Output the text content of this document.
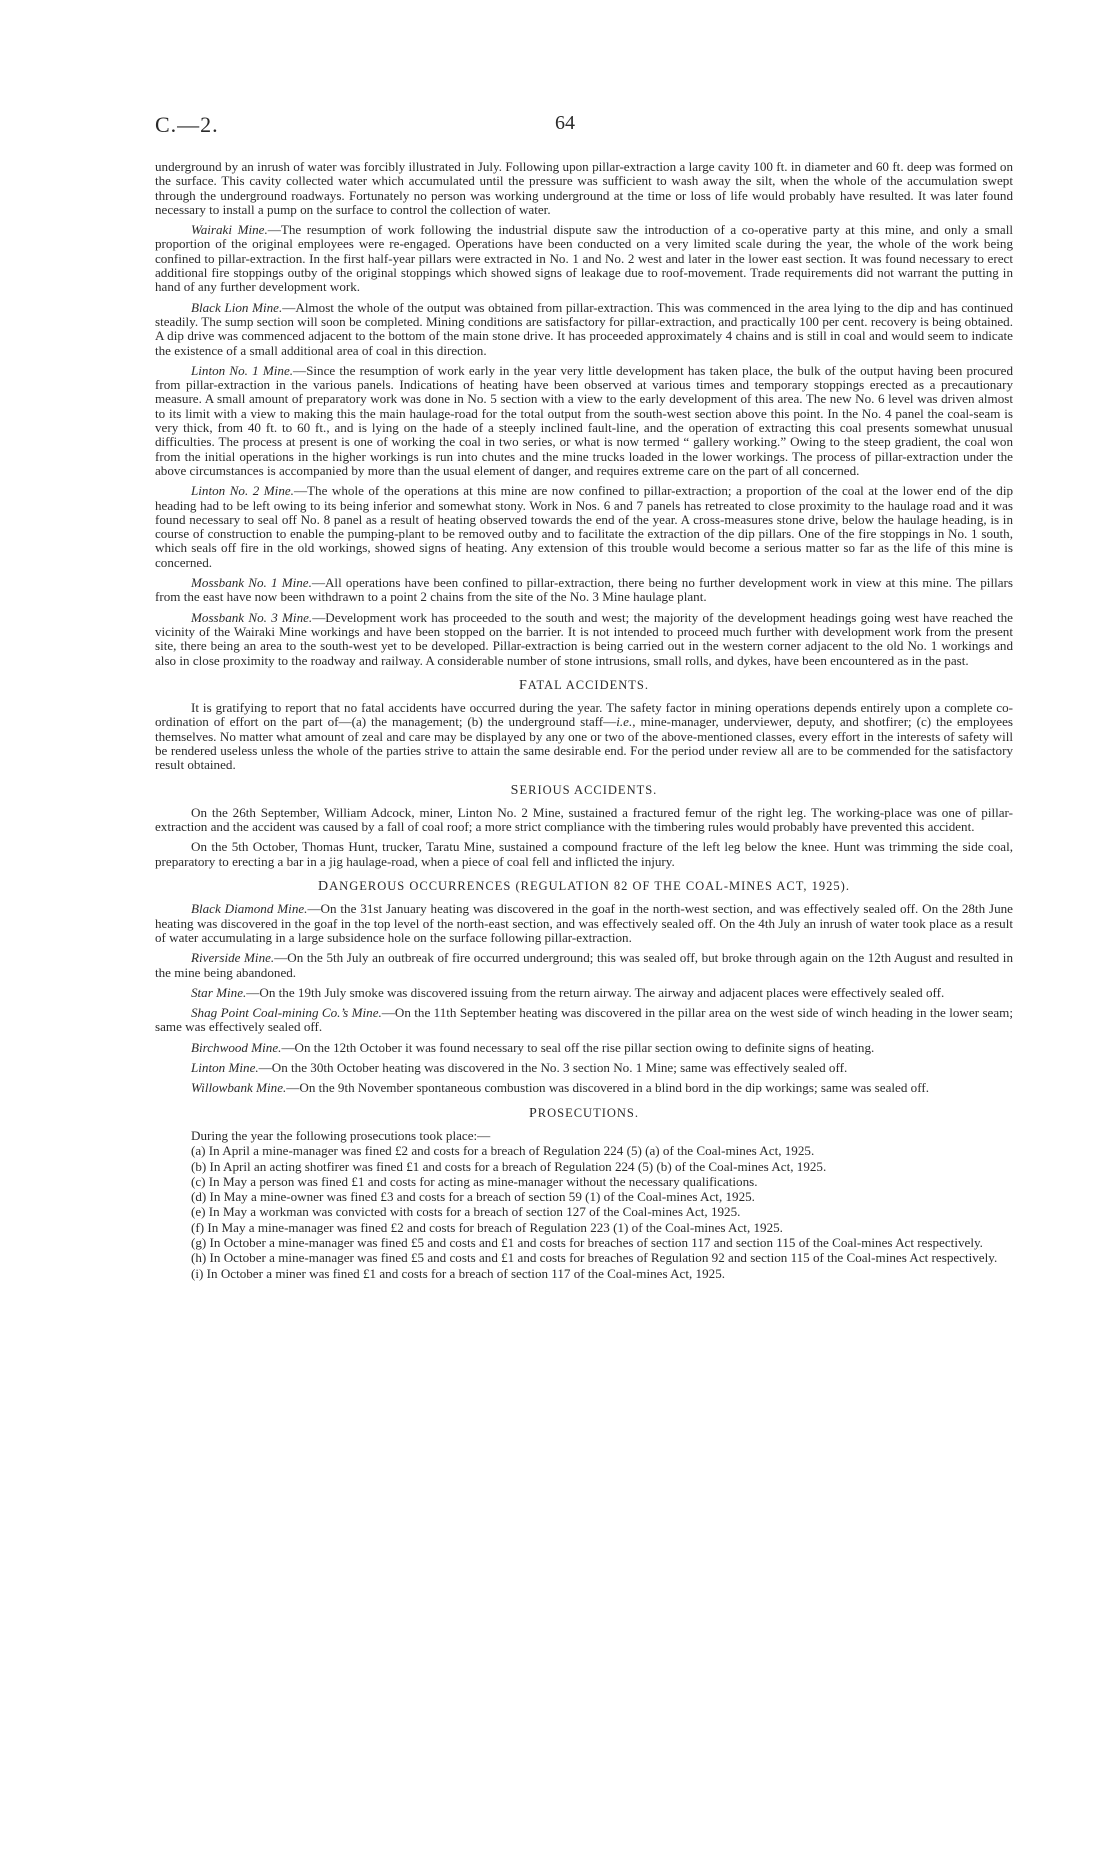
C.—2.	64

underground by an inrush of water was forcibly illustrated in July. Following upon pillar-extraction a large cavity 100 ft. in diameter and 60 ft. deep was formed on the surface. This cavity collected water which accumulated until the pressure was sufficient to wash away the silt, when the whole of the accumulation swept through the underground roadways. Fortunately no person was working underground at the time or loss of life would probably have resulted. It was later found necessary to install a pump on the surface to control the collection of water.

Wairaki Mine.—The resumption of work following the industrial dispute saw the introduction of a co-operative party at this mine, and only a small proportion of the original employees were re-engaged. Operations have been conducted on a very limited scale during the year, the whole of the work being confined to pillar-extraction. In the first half-year pillars were extracted in No. 1 and No. 2 west and later in the lower east section. It was found necessary to erect additional fire stoppings outby of the original stoppings which showed signs of leakage due to roof-movement. Trade requirements did not warrant the putting in hand of any further development work.

Black Lion Mine.—Almost the whole of the output was obtained from pillar-extraction. This was commenced in the area lying to the dip and has continued steadily. The sump section will soon be completed. Mining conditions are satisfactory for pillar-extraction, and practically 100 per cent. recovery is being obtained. A dip drive was commenced adjacent to the bottom of the main stone drive. It has proceeded approximately 4 chains and is still in coal and would seem to indicate the existence of a small additional area of coal in this direction.

Linton No. 1 Mine.—Since the resumption of work early in the year very little development has taken place, the bulk of the output having been procured from pillar-extraction in the various panels. Indications of heating have been observed at various times and temporary stoppings erected as a precautionary measure. A small amount of preparatory work was done in No. 5 section with a view to the early development of this area. The new No. 6 level was driven almost to its limit with a view to making this the main haulage-road for the total output from the south-west section above this point. In the No. 4 panel the coal-seam is very thick, from 40 ft. to 60 ft., and is lying on the hade of a steeply inclined fault-line, and the operation of extracting this coal presents somewhat unusual difficulties. The process at present is one of working the coal in two series, or what is now termed “ gallery working.” Owing to the steep gradient, the coal won from the initial operations in the higher workings is run into chutes and the mine trucks loaded in the lower workings. The process of pillar-extraction under the above circumstances is accompanied by more than the usual element of danger, and requires extreme care on the part of all concerned.

Linton No. 2 Mine.—The whole of the operations at this mine are now confined to pillar-extraction; a proportion of the coal at the lower end of the dip heading had to be left owing to its being inferior and somewhat stony. Work in Nos. 6 and 7 panels has retreated to close proximity to the haulage road and it was found necessary to seal off No. 8 panel as a result of heating observed towards the end of the year. A cross-measures stone drive, below the haulage heading, is in course of construction to enable the pumping-plant to be removed outby and to facilitate the extraction of the dip pillars. One of the fire stoppings in No. 1 south, which seals off fire in the old workings, showed signs of heating. Any extension of this trouble would become a serious matter so far as the life of this mine is concerned.

Mossbank No. 1 Mine.—All operations have been confined to pillar-extraction, there being no further development work in view at this mine. The pillars from the east have now been withdrawn to a point 2 chains from the site of the No. 3 Mine haulage plant.

Mossbank No. 3 Mine.—Development work has proceeded to the south and west; the majority of the development headings going west have reached the vicinity of the Wairaki Mine workings and have been stopped on the barrier. It is not intended to proceed much further with development work from the present site, there being an area to the south-west yet to be developed. Pillar-extraction is being carried out in the western corner adjacent to the old No. 1 workings and also in close proximity to the roadway and railway. A considerable number of stone intrusions, small rolls, and dykes, have been encountered as in the past.

FATAL ACCIDENTS.

It is gratifying to report that no fatal accidents have occurred during the year. The safety factor in mining operations depends entirely upon a complete co-ordination of effort on the part of—(a) the management; (b) the underground staff—i.e., mine-manager, underviewer, deputy, and shotfirer; (c) the employees themselves. No matter what amount of zeal and care may be displayed by any one or two of the above-mentioned classes, every effort in the interests of safety will be rendered useless unless the whole of the parties strive to attain the same desirable end. For the period under review all are to be commended for the satisfactory result obtained.

SERIOUS ACCIDENTS.

On the 26th September, William Adcock, miner, Linton No. 2 Mine, sustained a fractured femur of the right leg. The working-place was one of pillar-extraction and the accident was caused by a fall of coal roof; a more strict compliance with the timbering rules would probably have prevented this accident.

On the 5th October, Thomas Hunt, trucker, Taratu Mine, sustained a compound fracture of the left leg below the knee. Hunt was trimming the side coal, preparatory to erecting a bar in a jig haulage-road, when a piece of coal fell and inflicted the injury.

DANGEROUS OCCURRENCES (REGULATION 82 OF THE COAL-MINES ACT, 1925).

Black Diamond Mine.—On the 31st January heating was discovered in the goaf in the north-west section, and was effectively sealed off. On the 28th June heating was discovered in the goaf in the top level of the north-east section, and was effectively sealed off. On the 4th July an inrush of water took place as a result of water accumulating in a large subsidence hole on the surface following pillar-extraction.

Riverside Mine.—On the 5th July an outbreak of fire occurred underground; this was sealed off, but broke through again on the 12th August and resulted in the mine being abandoned.

Star Mine.—On the 19th July smoke was discovered issuing from the return airway. The airway and adjacent places were effectively sealed off.

Shag Point Coal-mining Co.’s Mine.—On the 11th September heating was discovered in the pillar area on the west side of winch heading in the lower seam; same was effectively sealed off.

Birchwood Mine.—On the 12th October it was found necessary to seal off the rise pillar section owing to definite signs of heating.

Linton Mine.—On the 30th October heating was discovered in the No. 3 section No. 1 Mine; same was effectively sealed off.

Willowbank Mine.—On the 9th November spontaneous combustion was discovered in a blind bord in the dip workings; same was sealed off.

PROSECUTIONS.

During the year the following prosecutions took place:—

(a) In April a mine-manager was fined £2 and costs for a breach of Regulation 224 (5) (a) of the Coal-mines Act, 1925.

(b) In April an acting shotfirer was fined £1 and costs for a breach of Regulation 224 (5) (b) of the Coal-mines Act, 1925.

(c) In May a person was fined £1 and costs for acting as mine-manager without the necessary qualifications.

(d) In May a mine-owner was fined £3 and costs for a breach of section 59 (1) of the Coal-mines Act, 1925.

(e) In May a workman was convicted with costs for a breach of section 127 of the Coal-mines Act, 1925.

(f) In May a mine-manager was fined £2 and costs for breach of Regulation 223 (1) of the Coal-mines Act, 1925.

(g) In October a mine-manager was fined £5 and costs and £1 and costs for breaches of section 117 and section 115 of the Coal-mines Act respectively.

(h) In October a mine-manager was fined £5 and costs and £1 and costs for breaches of Regulation 92 and section 115 of the Coal-mines Act respectively.

(i) In October a miner was fined £1 and costs for a breach of section 117 of the Coal-mines Act, 1925.
